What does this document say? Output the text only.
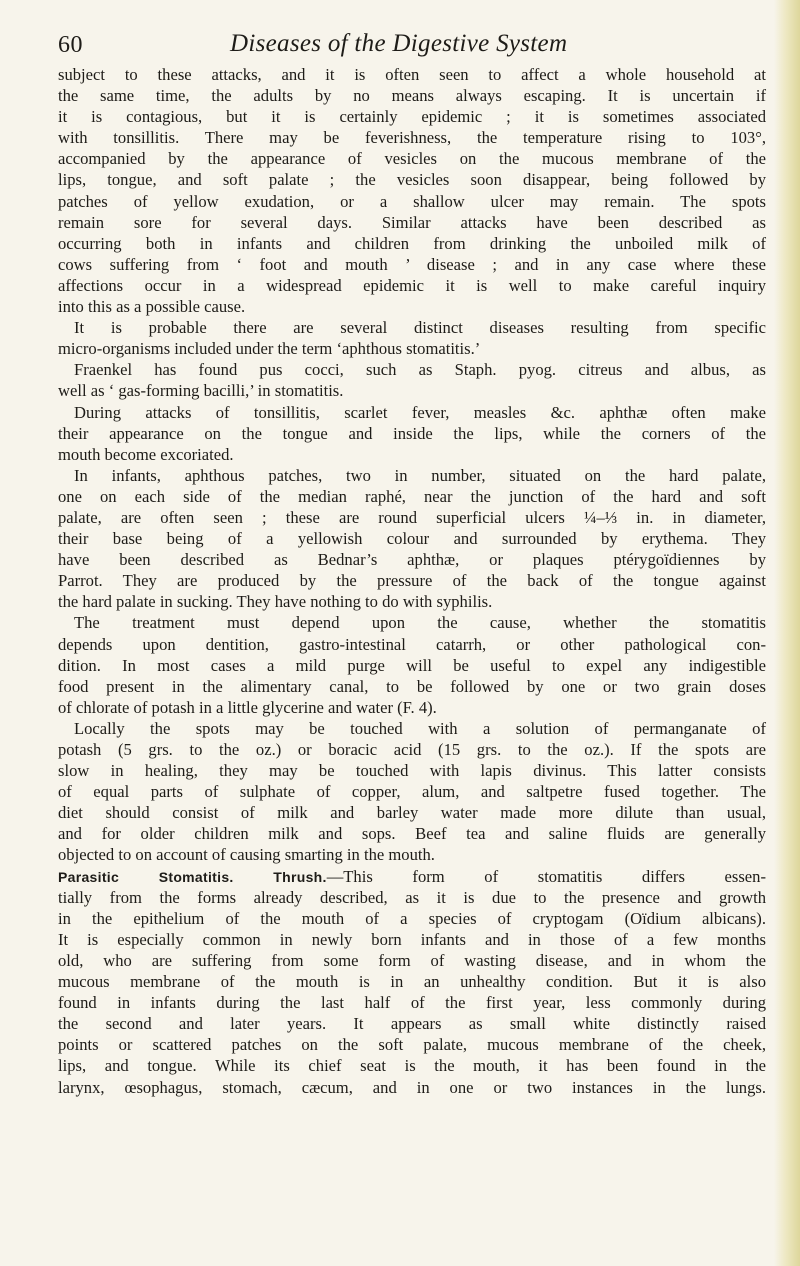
60	Diseases of the Digestive System
subject to these attacks, and it is often seen to affect a whole household at
the same time, the adults by no means always escaping. It is uncertain if
it is contagious, but it is certainly epidemic ; it is sometimes associated
with tonsillitis. There may be feverishness, the temperature rising to 103°,
accompanied by the appearance of vesicles on the mucous membrane of the
lips, tongue, and soft palate ; the vesicles soon disappear, being followed by
patches of yellow exudation, or a shallow ulcer may remain. The spots
remain sore for several days. Similar attacks have been described as
occurring both in infants and children from drinking the unboiled milk of
cows suffering from ‘ foot and mouth ’ disease ; and in any case where these
affections occur in a widespread epidemic it is well to make careful inquiry
into this as a possible cause.
It is probable there are several distinct diseases resulting from specific
micro-organisms included under the term ‘aphthous stomatitis.’
Fraenkel has found pus cocci, such as Staph. pyog. citreus and albus, as
well as ‘ gas-forming bacilli,’ in stomatitis.
During attacks of tonsillitis, scarlet fever, measles &c. aphthæ often make
their appearance on the tongue and inside the lips, while the corners of the
mouth become excoriated.
In infants, aphthous patches, two in number, situated on the hard palate,
one on each side of the median raphé, near the junction of the hard and soft
palate, are often seen ; these are round superficial ulcers ¼–⅓ in. in diameter,
their base being of a yellowish colour and surrounded by erythema. They
have been described as Bednar’s aphthæ, or plaques ptérygoïdiennes by
Parrot. They are produced by the pressure of the back of the tongue against
the hard palate in sucking. They have nothing to do with syphilis.
The treatment must depend upon the cause, whether the stomatitis
depends upon dentition, gastro-intestinal catarrh, or other pathological con-
dition. In most cases a mild purge will be useful to expel any indigestible
food present in the alimentary canal, to be followed by one or two grain doses
of chlorate of potash in a little glycerine and water (F. 4).
Locally the spots may be touched with a solution of permanganate of
potash (5 grs. to the oz.) or boracic acid (15 grs. to the oz.). If the spots are
slow in healing, they may be touched with lapis divinus. This latter consists
of equal parts of sulphate of copper, alum, and saltpetre fused together. The
diet should consist of milk and barley water made more dilute than usual,
and for older children milk and sops. Beef tea and saline fluids are generally
objected to on account of causing smarting in the mouth.
Parasitic Stomatitis. Thrush.—This form of stomatitis differs essen-
tially from the forms already described, as it is due to the presence and growth
in the epithelium of the mouth of a species of cryptogam (Oïdium albicans).
It is especially common in newly born infants and in those of a few months
old, who are suffering from some form of wasting disease, and in whom the
mucous membrane of the mouth is in an unhealthy condition. But it is also
found in infants during the last half of the first year, less commonly during
the second and later years. It appears as small white distinctly raised
points or scattered patches on the soft palate, mucous membrane of the cheek,
lips, and tongue. While its chief seat is the mouth, it has been found in the
larynx, œsophagus, stomach, cæcum, and in one or two instances in the lungs.
